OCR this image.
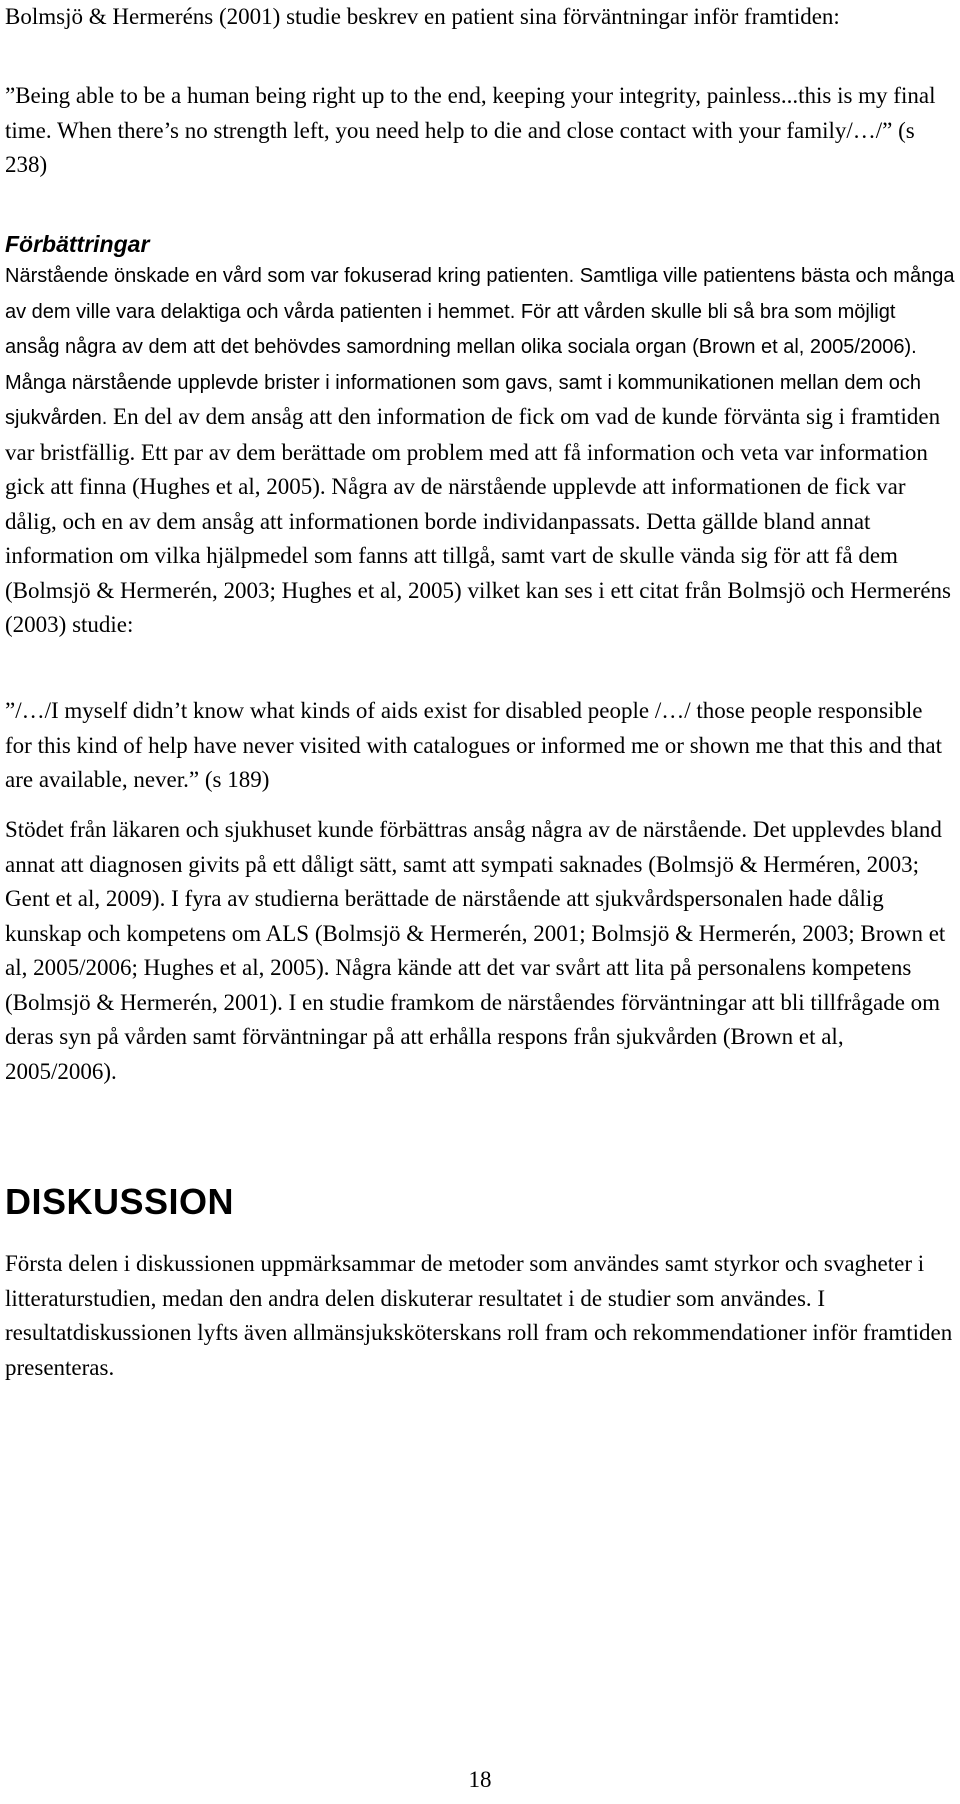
Bolmsjö & Hermeréns (2001) studie beskrev en patient sina förväntningar inför framtiden:

”Being able to be a human being right up to the end, keeping your integrity, painless...this is my final time. When there’s no strength left, you need help to die and close contact with your family/…/” (s 238)

Förbättringar

Närstående önskade en vård som var fokuserad kring patienten. Samtliga ville patientens bästa och många av dem ville vara delaktiga och vårda patienten i hemmet. För att vården skulle bli så bra som möjligt ansåg några av dem att det behövdes samordning mellan olika sociala organ (Brown et al, 2005/2006). Många närstående upplevde brister i informationen som gavs, samt i kommunikationen mellan dem och sjukvården. En del av dem ansåg att den information de fick om vad de kunde förvänta sig i framtiden var bristfällig. Ett par av dem berättade om problem med att få information och veta var information gick att finna (Hughes et al, 2005). Några av de närstående upplevde att informationen de fick var dålig, och en av dem ansåg att informationen borde individanpassats. Detta gällde bland annat information om vilka hjälpmedel som fanns att tillgå, samt vart de skulle vända sig för att få dem (Bolmsjö & Hermerén, 2003; Hughes et al, 2005) vilket kan ses i ett citat från Bolmsjö och Hermeréns (2003) studie:

”/…/I myself didn’t know what kinds of aids exist for disabled people /…/ those people responsible for this kind of help have never visited with catalogues or informed me or shown me that this and that are available, never.” (s 189)

Stödet från läkaren och sjukhuset kunde förbättras ansåg några av de närstående. Det upplevdes bland annat att diagnosen givits på ett dåligt sätt, samt att sympati saknades (Bolmsjö & Herméren, 2003; Gent et al, 2009). I fyra av studierna berättade de närstående att sjukvårdspersonalen hade dålig kunskap och kompetens om ALS (Bolmsjö & Hermerén, 2001; Bolmsjö & Hermerén, 2003; Brown et al, 2005/2006; Hughes et al, 2005). Några kände att det var svårt att lita på personalens kompetens (Bolmsjö & Hermerén, 2001). I en studie framkom de närståendes förväntningar att bli tillfrågade om deras syn på vården samt förväntningar på att erhålla respons från sjukvården (Brown et al, 2005/2006).

DISKUSSION

Första delen i diskussionen uppmärksammar de metoder som användes samt styrkor och svagheter i litteraturstudien, medan den andra delen diskuterar resultatet i de studier som användes. I resultatdiskussionen lyfts även allmänsjuksköterskans roll fram och rekommendationer inför framtiden presenteras.

18
